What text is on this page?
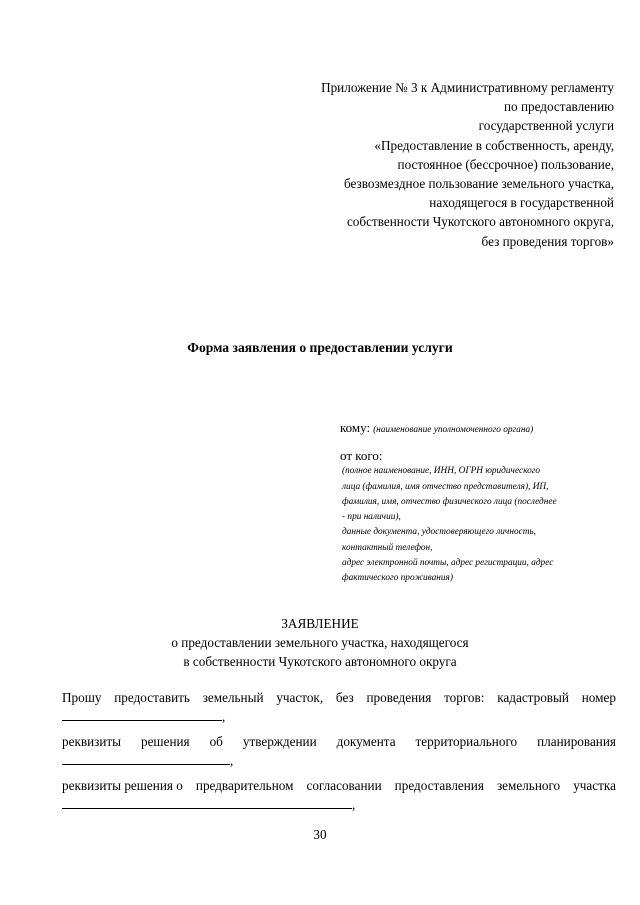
Приложение № 3 к Административному регламенту
по предоставлению
государственной услуги
«Предоставление в собственность, аренду,
постоянное (бессрочное) пользование,
безвозмездное пользование земельного участка,
находящегося в государственной
собственности Чукотского автономного округа,
без проведения торгов»
Форма заявления о предоставлении услуги
кому: (наименование уполномоченного органа)
от кого:
(полное наименование, ИНН, ОГРН юридического
лица (фамилия, имя отчество представителя), ИП,
фамилия, имя, отчество физического лица (последнее
- при наличии),
данные документа, удостоверяющего личность,
контактный телефон,
адрес электронной почты, адрес регистрации, адрес
фактического проживания)
ЗАЯВЛЕНИЕ
о предоставлении земельного участка, находящегося
в собственности Чукотского автономного округа
Прошу предоставить земельный участок, без проведения торгов: кадастровый номер
,
реквизиты решения об утверждении документа территориального планирования
,
реквизиты решения о предварительном согласовании предоставления земельного участка
,
30
